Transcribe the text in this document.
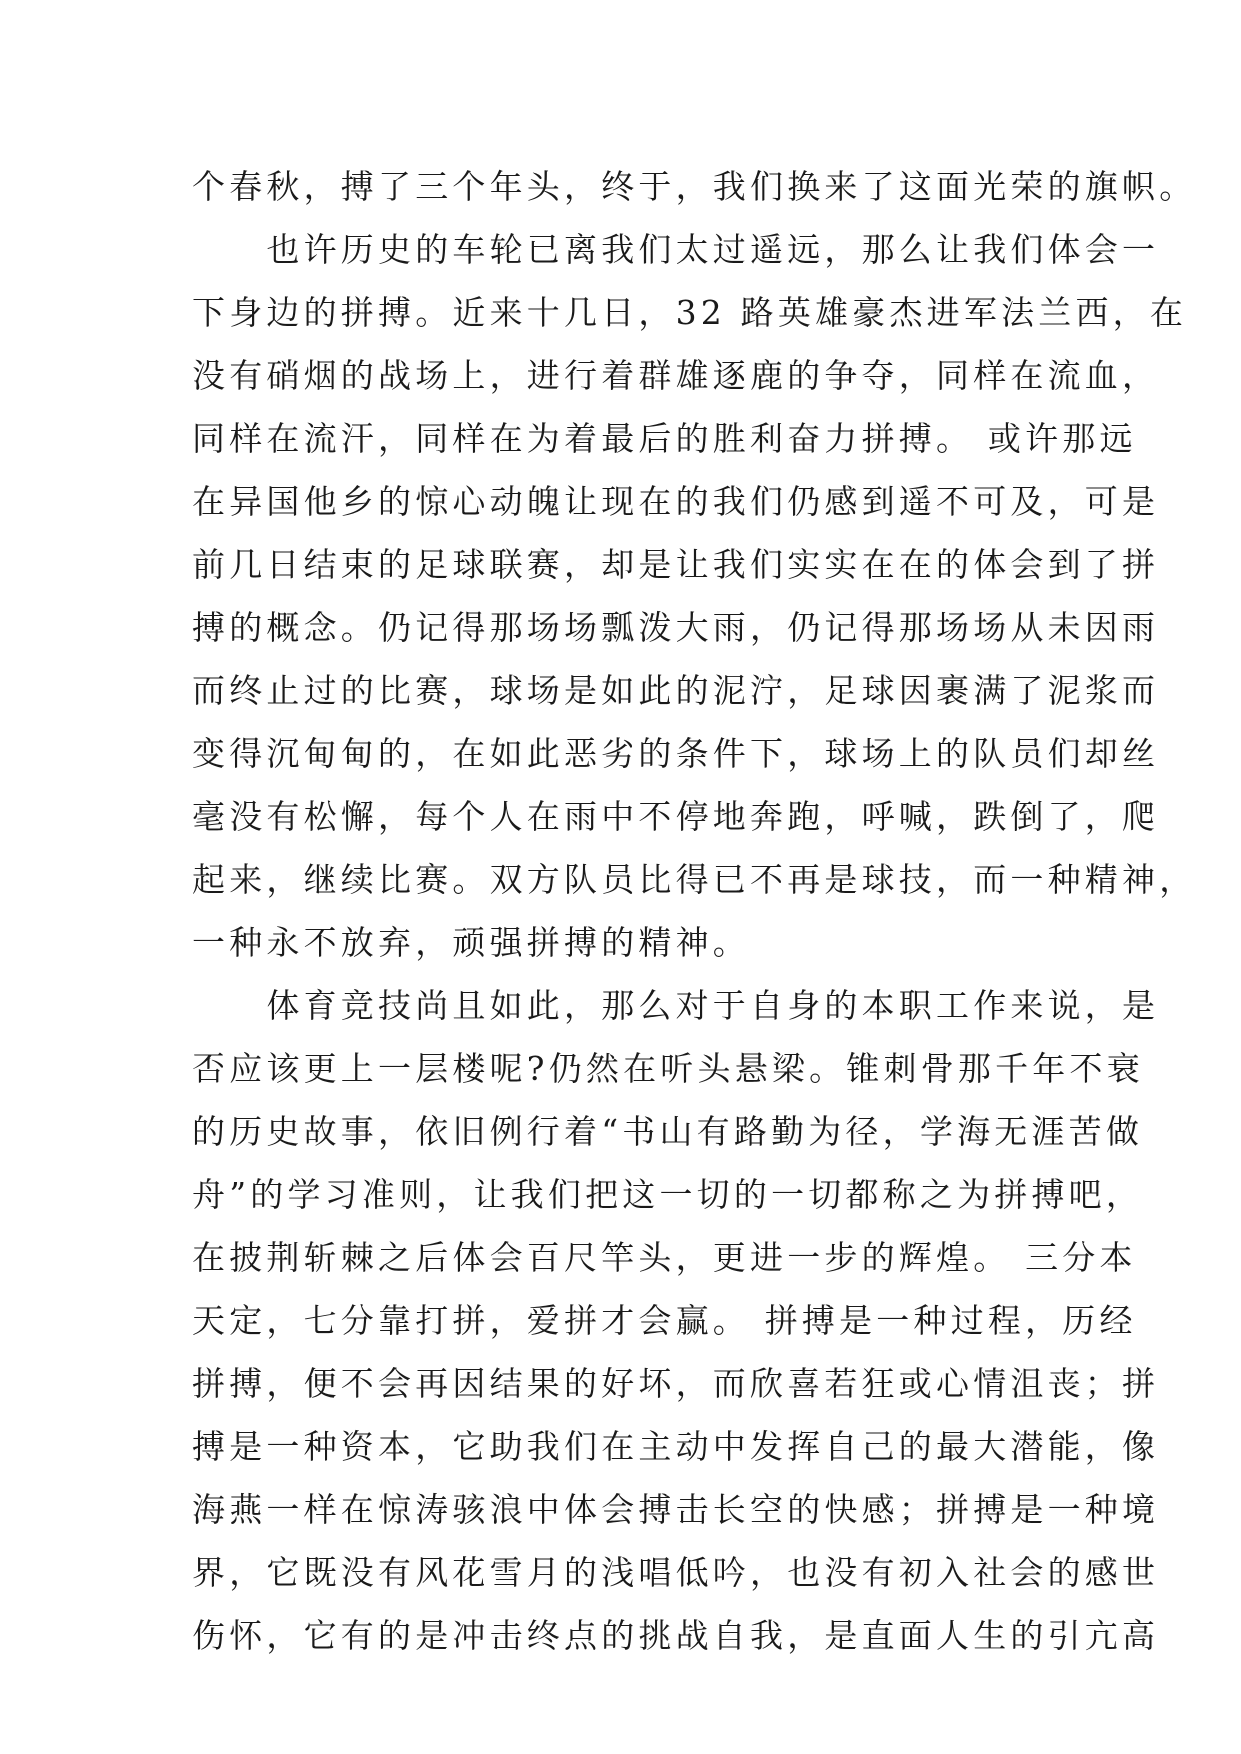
个春秋，搏了三个年头，终于，我们换来了这面光荣的旗帜。
　　也许历史的车轮已离我们太过遥远，那么让我们体会一
下身边的拼搏。近来十几日，32 路英雄豪杰进军法兰西，在
没有硝烟的战场上，进行着群雄逐鹿的争夺，同样在流血，
同样在流汗，同样在为着最后的胜利奋力拼搏。 或许那远
在异国他乡的惊心动魄让现在的我们仍感到遥不可及，可是
前几日结束的足球联赛，却是让我们实实在在的体会到了拼
搏的概念。仍记得那场场瓢泼大雨，仍记得那场场从未因雨
而终止过的比赛，球场是如此的泥泞，足球因裹满了泥浆而
变得沉甸甸的，在如此恶劣的条件下，球场上的队员们却丝
毫没有松懈，每个人在雨中不停地奔跑，呼喊，跌倒了，爬
起来，继续比赛。双方队员比得已不再是球技，而一种精神，
一种永不放弃，顽强拼搏的精神。
　　体育竞技尚且如此，那么对于自身的本职工作来说，是
否应该更上一层楼呢?仍然在听头悬梁。锥刺骨那千年不衰
的历史故事，依旧例行着“书山有路勤为径，学海无涯苦做
舟”的学习准则，让我们把这一切的一切都称之为拼搏吧，
在披荆斩棘之后体会百尺竿头，更进一步的辉煌。 三分本
天定，七分靠打拼，爱拼才会赢。 拼搏是一种过程，历经
拼搏，便不会再因结果的好坏，而欣喜若狂或心情沮丧；拼
搏是一种资本，它助我们在主动中发挥自己的最大潜能，像
海燕一样在惊涛骇浪中体会搏击长空的快感；拼搏是一种境
界，它既没有风花雪月的浅唱低吟，也没有初入社会的感世
伤怀，它有的是冲击终点的挑战自我，是直面人生的引亢高
